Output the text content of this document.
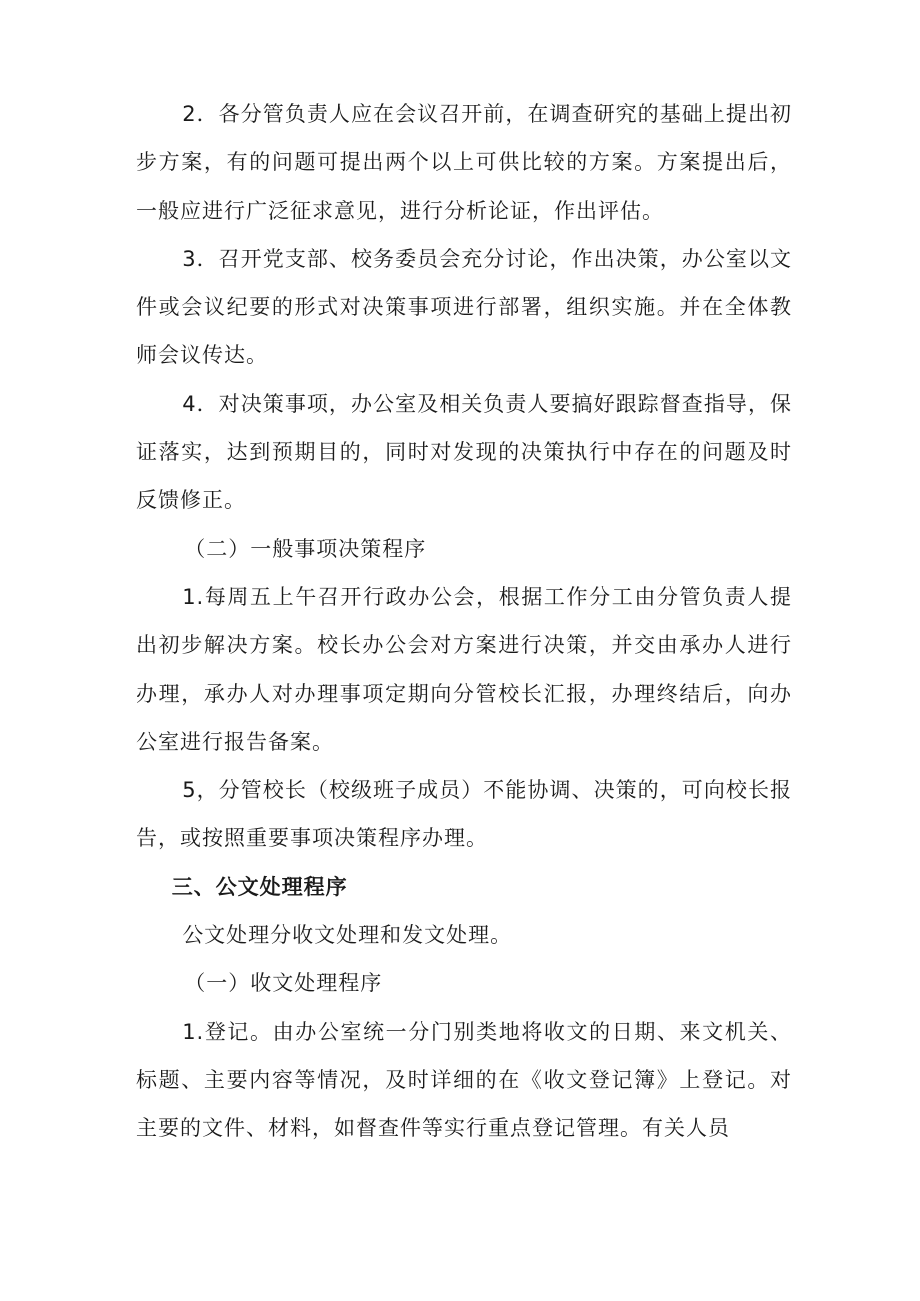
2．各分管负责人应在会议召开前，在调查研究的基础上提出初步方案，有的问题可提出两个以上可供比较的方案。方案提出后，一般应进行广泛征求意见，进行分析论证，作出评估。

3．召开党支部、校务委员会充分讨论，作出决策，办公室以文件或会议纪要的形式对决策事项进行部署，组织实施。并在全体教师会议传达。

4．对决策事项，办公室及相关负责人要搞好跟踪督查指导，保证落实，达到预期目的，同时对发现的决策执行中存在的问题及时反馈修正。

（二）一般事项决策程序

1.每周五上午召开行政办公会，根据工作分工由分管负责人提出初步解决方案。校长办公会对方案进行决策，并交由承办人进行办理，承办人对办理事项定期向分管校长汇报，办理终结后，向办公室进行报告备案。

5，分管校长（校级班子成员）不能协调、决策的，可向校长报告，或按照重要事项决策程序办理。

三、公文处理程序

公文处理分收文处理和发文处理。

（一）收文处理程序

1.登记。由办公室统一分门别类地将收文的日期、来文机关、标题、主要内容等情况，及时详细的在《收文登记簿》上登记。对主要的文件、材料，如督查件等实行重点登记管理。有关人员
